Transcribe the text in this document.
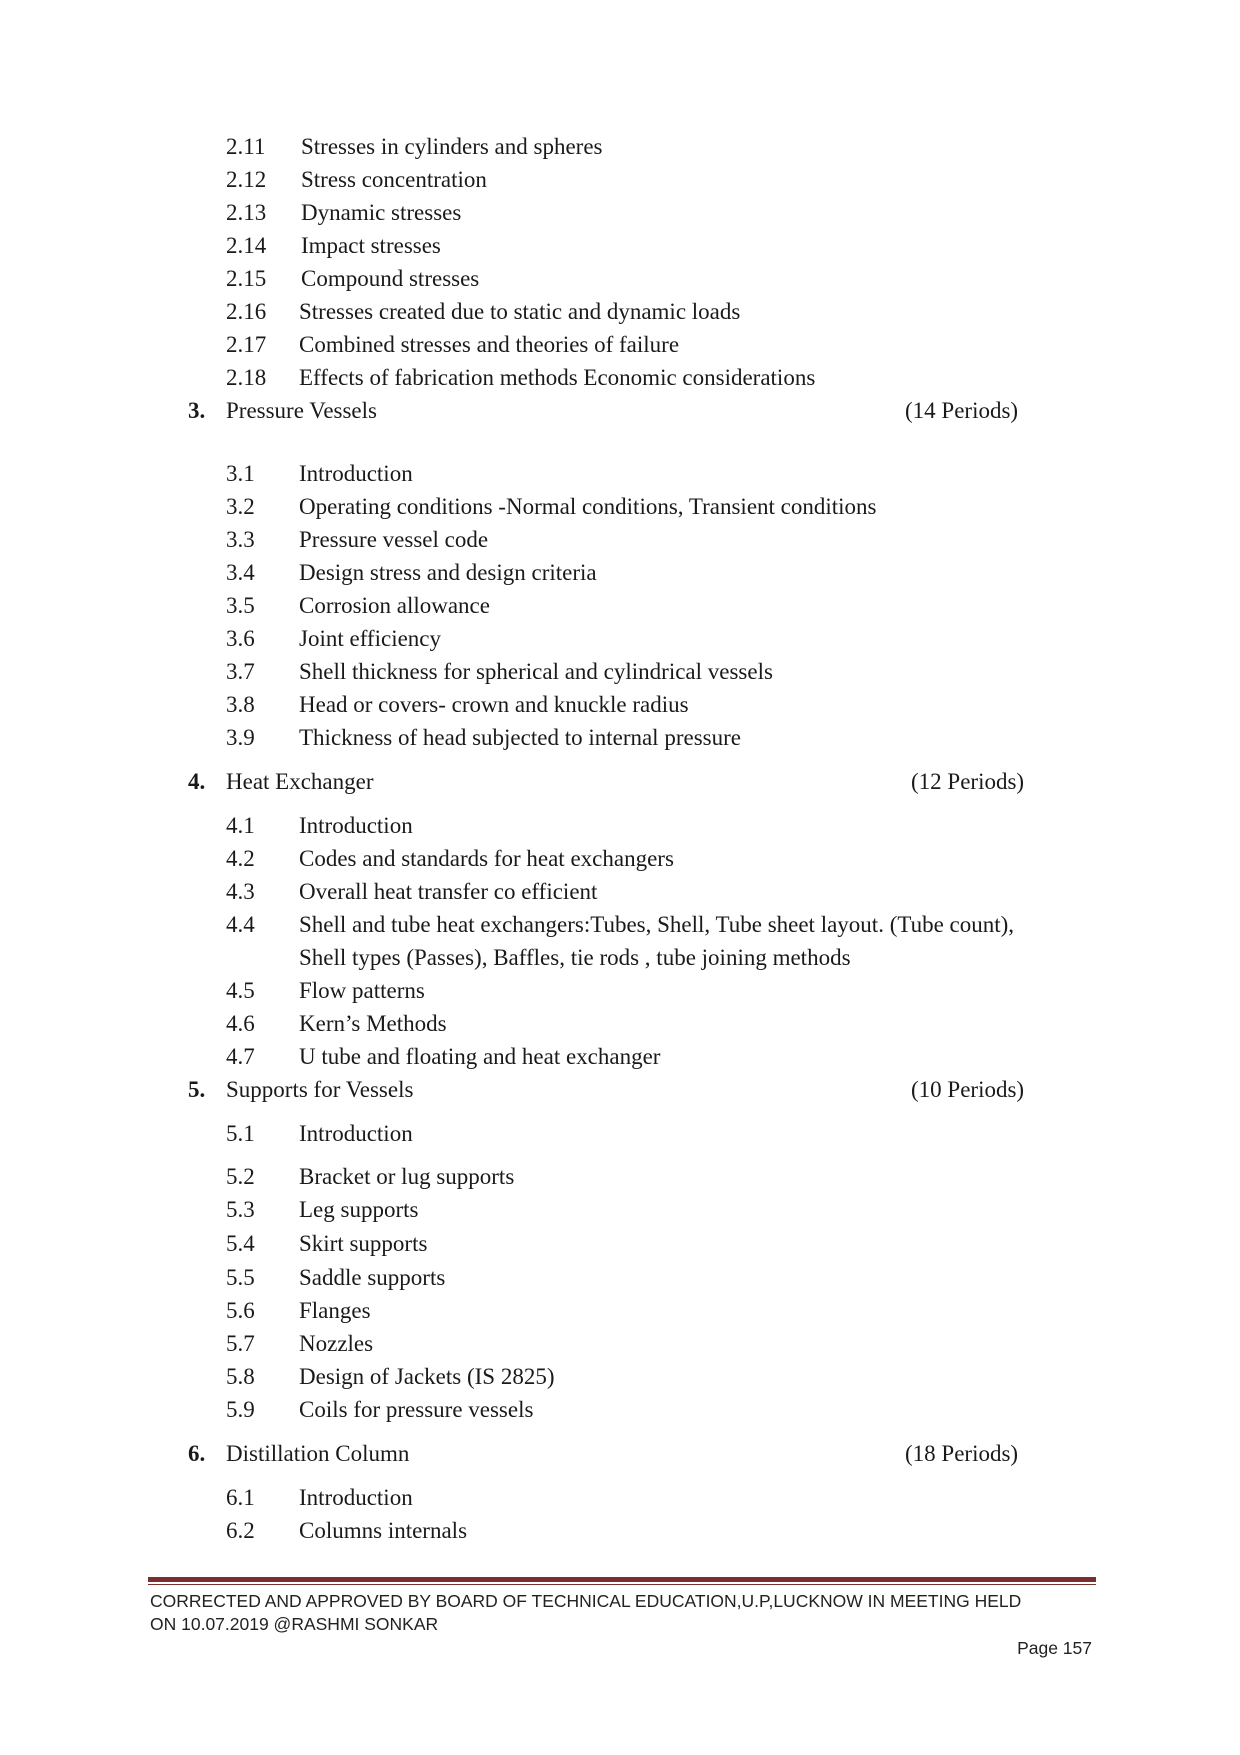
2.11 Stresses in cylinders and spheres
2.12 Stress concentration
2.13 Dynamic stresses
2.14 Impact stresses
2.15 Compound stresses
2.16 Stresses created due to static and dynamic loads
2.17 Combined stresses and theories of failure
2.18 Effects of fabrication methods Economic considerations
3. Pressure Vessels	(14 Periods)
3.1 Introduction
3.2 Operating conditions -Normal conditions, Transient conditions
3.3 Pressure vessel code
3.4 Design stress and design criteria
3.5 Corrosion allowance
3.6 Joint efficiency
3.7 Shell thickness for spherical and cylindrical vessels
3.8 Head or covers- crown and knuckle radius
3.9 Thickness of head subjected to internal pressure
4. Heat Exchanger	(12 Periods)
4.1 Introduction
4.2 Codes and standards for heat exchangers
4.3 Overall heat transfer co efficient
4.4 Shell and tube heat exchangers:Tubes, Shell, Tube sheet layout. (Tube count),
Shell types (Passes), Baffles, tie rods , tube joining methods
4.5 Flow patterns
4.6 Kern’s Methods
4.7 U tube and floating and heat exchanger
5. Supports for Vessels	(10 Periods)
5.1 Introduction
5.2 Bracket or lug supports
5.3 Leg supports
5.4 Skirt supports
5.5 Saddle supports
5.6 Flanges
5.7 Nozzles
5.8 Design of Jackets (IS 2825)
5.9 Coils for pressure vessels
6. Distillation Column	(18 Periods)
6.1 Introduction
6.2 Columns internals
CORRECTED AND APPROVED BY BOARD OF TECHNICAL EDUCATION,U.P,LUCKNOW IN MEETING HELD
ON 10.07.2019 @RASHMI SONKAR
Page 157
